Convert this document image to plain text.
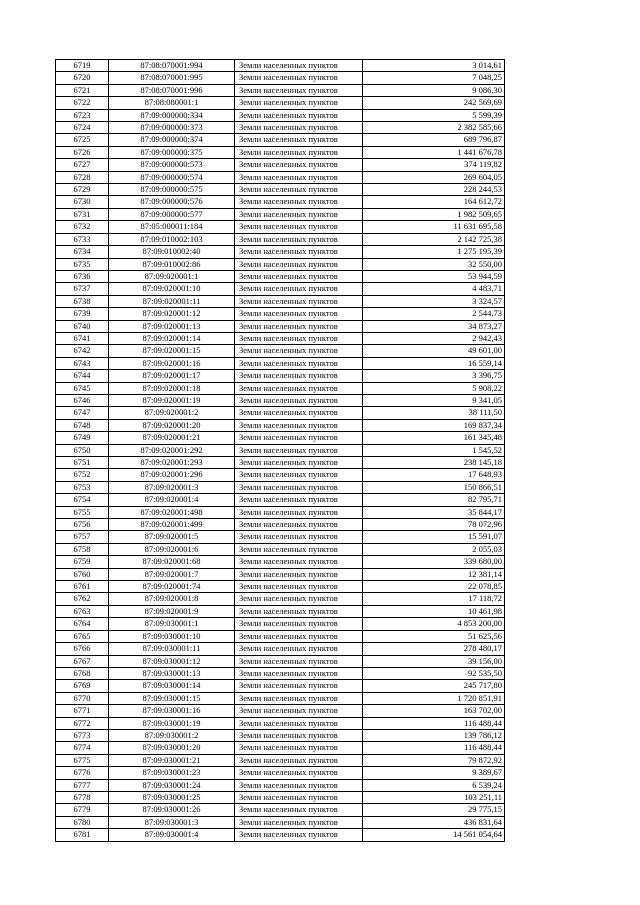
6719	87:08:070001:994	Земли населенных пунктов	3 014,61
6720	87:08:070001:995	Земли населенных пунктов	7 048,25
6721	87:08:070001:996	Земли населенных пунктов	9 086,30
6722	87:08:080001:1	Земли населенных пунктов	242 569,69
6723	87:09:000000:334	Земли населенных пунктов	5 599,39
6724	87:09:000000:373	Земли населенных пунктов	2 382 585,66
6725	87:09:000000:374	Земли населенных пунктов	689 796,87
6726	87:09:000000:375	Земли населенных пунктов	1 441 676,78
6727	87:09:000000:573	Земли населенных пунктов	374 119,82
6728	87:09:000000:574	Земли населенных пунктов	269 604,05
6729	87:09:000000:575	Земли населенных пунктов	228 244,53
6730	87:09:000000:576	Земли населенных пунктов	164 612,72
6731	87:09:000000:577	Земли населенных пунктов	1 982 509,65
6732	87:05:000011:184	Земли населенных пунктов	11 631 695,58
6733	87:09:010002:103	Земли населенных пунктов	2 142 725,38
6734	87:09:010002:40	Земли населенных пунктов	1 275 195,39
6735	87:09:010002:86	Земли населенных пунктов	32 550,00
6736	87:09:020001:1	Земли населенных пунктов	53 944,59
6737	87:09:020001:10	Земли населенных пунктов	4 483,71
6738	87:09:020001:11	Земли населенных пунктов	3 324,57
6739	87:09:020001:12	Земли населенных пунктов	2 544,73
6740	87:09:020001:13	Земли населенных пунктов	34 873,27
6741	87:09:020001:14	Земли населенных пунктов	2 942,43
6742	87:09:020001:15	Земли населенных пунктов	49 601,00
6743	87:09:020001:16	Земли населенных пунктов	16 559,14
6744	87:09:020001:17	Земли населенных пунктов	3 396,75
6745	87:09:020001:18	Земли населенных пунктов	5 908,22
6746	87:09:020001:19	Земли населенных пунктов	9 341,05
6747	87:09:020001:2	Земли населенных пунктов	38 111,50
6748	87:09:020001:20	Земли населенных пунктов	169 837,34
6749	87:09:020001:21	Земли населенных пунктов	161 345,48
6750	87:09:020001:292	Земли населенных пунктов	1 545,52
6751	87:09:020001:293	Земли населенных пунктов	238 145,18
6752	87:09:020001:296	Земли населенных пунктов	17 648,93
6753	87:09:020001:3	Земли населенных пунктов	150 866,51
6754	87:09:020001:4	Земли населенных пунктов	82 795,71
6755	87:09:020001:498	Земли населенных пунктов	35 844,17
6756	87:09:020001:499	Земли населенных пунктов	78 072,96
6757	87:09:020001:5	Земли населенных пунктов	15 591,07
6758	87:09:020001:6	Земли населенных пунктов	2 055,03
6759	87:09:020001:68	Земли населенных пунктов	339 680,00
6760	87:09:020001:7	Земли населенных пунктов	12 381,14
6761	87:09:020001:74	Земли населенных пунктов	22 078,85
6762	87:09:020001:8	Земли населенных пунктов	17 118,72
6763	87:09:020001:9	Земли населенных пунктов	10 461,98
6764	87:09:030001:1	Земли населенных пунктов	4 853 200,00
6765	87:09:030001:10	Земли населенных пунктов	51 625,56
6766	87:09:030001:11	Земли населенных пунктов	278 480,17
6767	87:09:030001:12	Земли населенных пунктов	39 156,00
6768	87:09:030001:13	Земли населенных пунктов	92 535,50
6769	87:09:030001:14	Земли населенных пунктов	245 717,80
6770	87:09:030001:15	Земли населенных пунктов	1 720 851,91
6771	87:09:030001:16	Земли населенных пунктов	163 702,00
6772	87:09:030001:19	Земли населенных пунктов	116 488,44
6773	87:09:030001:2	Земли населенных пунктов	139 786,12
6774	87:09:030001:20	Земли населенных пунктов	116 488,44
6775	87:09:030001:21	Земли населенных пунктов	79 872,92
6776	87:09:030001:23	Земли населенных пунктов	9 389,67
6777	87:09:030001:24	Земли населенных пунктов	6 539,24
6778	87:09:030001:25	Земли населенных пунктов	103 251,11
6779	87:09:030001:26	Земли населенных пунктов	29 775,15
6780	87:09:030001:3	Земли населенных пунктов	436 831,64
6781	87:09:030001:4	Земли населенных пунктов	14 561 054,64
